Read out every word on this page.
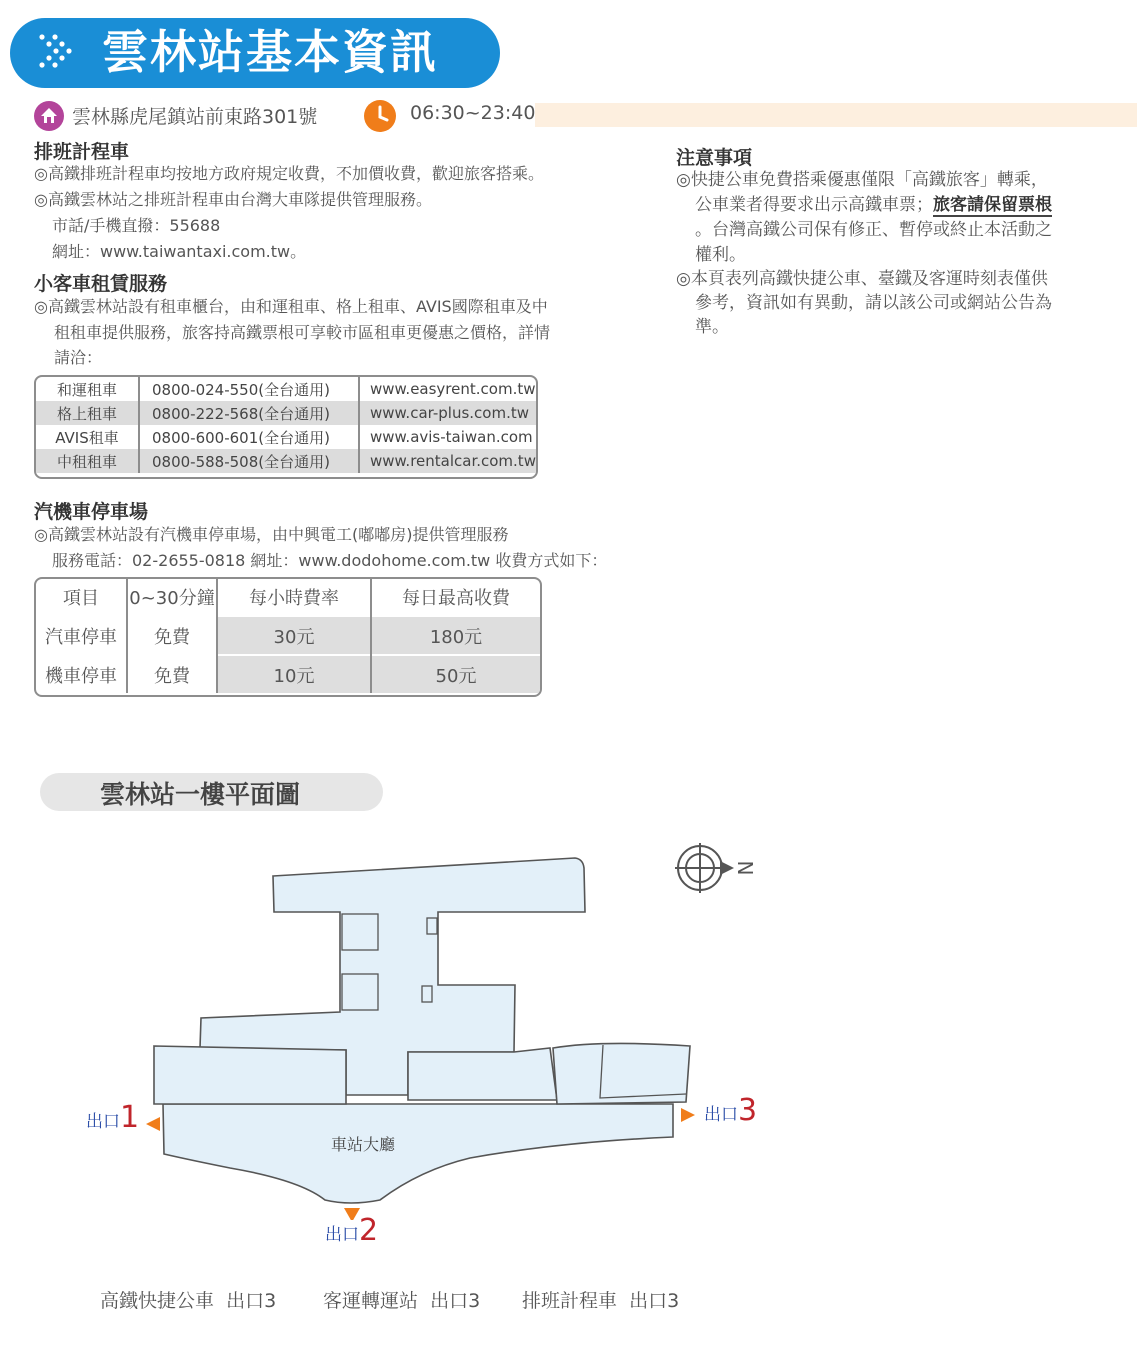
雲林站基本資訊
雲林縣虎尾鎮站前東路301號	06:30~23:40
排班計程車
◎高鐵排班計程車均按地方政府規定收費，不加價收費，歡迎旅客搭乘。
◎高鐵雲林站之排班計程車由台灣大車隊提供管理服務。
市話/手機直撥：55688
網址：www.taiwantaxi.com.tw。
小客車租賃服務
◎高鐵雲林站設有租車櫃台，由和運租車、格上租車、AVIS國際租車及中
租租車提供服務，旅客持高鐵票根可享較市區租車更優惠之價格，詳情
請洽：
和運租車	0800-024-550(全台通用)	www.easyrent.com.tw
格上租車	0800-222-568(全台通用)	www.car-plus.com.tw
AVIS租車	0800-600-601(全台通用)	www.avis-taiwan.com
中租租車	0800-588-508(全台通用)	www.rentalcar.com.tw
汽機車停車場
◎高鐵雲林站設有汽機車停車場，由中興電工(嘟嘟房)提供管理服務
服務電話：02-2655-0818 網址：www.dodohome.com.tw 收費方式如下：
項目	0~30分鐘	每小時費率	每日最高收費
汽車停車	免費	30元	180元
機車停車	免費	10元	50元
注意事項
◎快捷公車免費搭乘優惠僅限「高鐵旅客」轉乘，
公車業者得要求出示高鐵車票；旅客請保留票根
。台灣高鐵公司保有修正、暫停或終止本活動之
權利。
◎本頁表列高鐵快捷公車、臺鐵及客運時刻表僅供
參考，資訊如有異動，請以該公司或網站公告為
準。
雲林站一樓平面圖
N
車站大廳
出口1
出口2
出口3
高鐵快捷公車 出口3 客運轉運站 出口3 排班計程車 出口3
